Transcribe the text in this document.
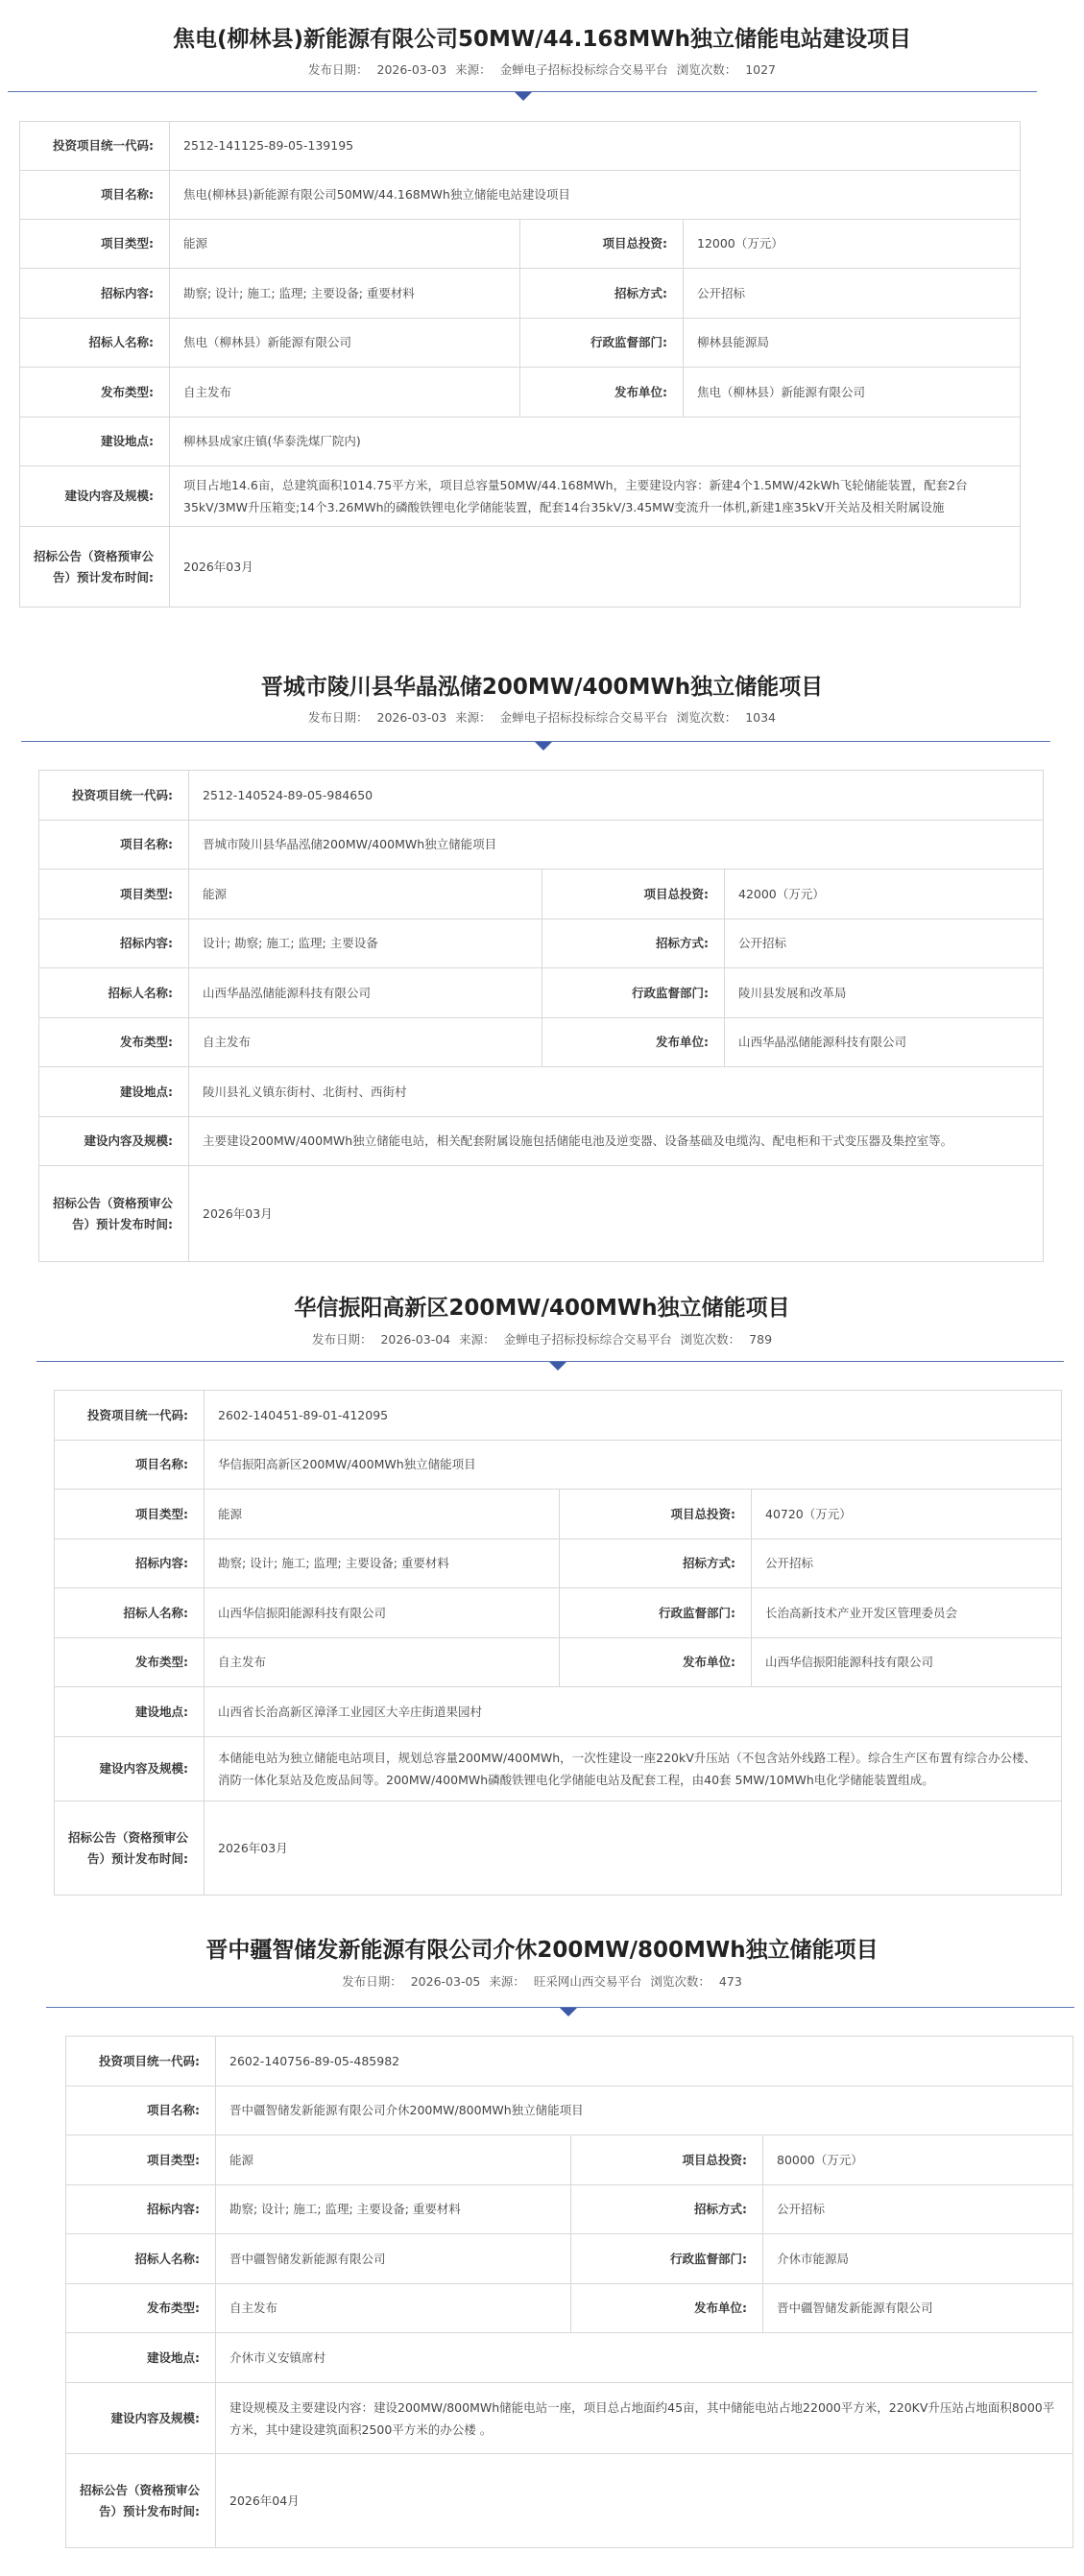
焦电(柳林县)新能源有限公司50MW/44.168MWh独立储能电站建设项目
发布日期： 2026-03-03 来源： 金蝉电子招标投标综合交易平台 浏览次数： 1027
投资项目统一代码:	2512-141125-89-05-139195		
项目名称:	焦电(柳林县)新能源有限公司50MW/44.168MWh独立储能电站建设项目		
项目类型:	能源	项目总投资:	12000（万元）
招标内容:	勘察; 设计; 施工; 监理; 主要设备; 重要材料	招标方式:	公开招标
招标人名称:	焦电（柳林县）新能源有限公司	行政监督部门:	柳林县能源局
发布类型:	自主发布	发布单位:	焦电（柳林县）新能源有限公司
建设地点:	柳林县成家庄镇(华泰洗煤厂院内)		
建设内容及规模:	项目占地14.6亩，总建筑面积1014.75平方米，项目总容量50MW/44.168MWh，主要建设内容：新建4个1.5MW/42kWh飞轮储能装置，配套2台35kV/3MW升压箱变;14个3.26MWh的磷酸铁锂电化学储能装置，配套14台35kV/3.45MW变流升一体机,新建1座35kV开关站及相关附属设施		
招标公告（资格预审公告）预计发布时间:	2026年03月		
晋城市陵川县华晶泓储200MW/400MWh独立储能项目
发布日期： 2026-03-03 来源： 金蝉电子招标投标综合交易平台 浏览次数： 1034
投资项目统一代码:	2512-140524-89-05-984650		
项目名称:	晋城市陵川县华晶泓储200MW/400MWh独立储能项目		
项目类型:	能源	项目总投资:	42000（万元）
招标内容:	设计; 勘察; 施工; 监理; 主要设备	招标方式:	公开招标
招标人名称:	山西华晶泓储能源科技有限公司	行政监督部门:	陵川县发展和改革局
发布类型:	自主发布	发布单位:	山西华晶泓储能源科技有限公司
建设地点:	陵川县礼义镇东街村、北街村、西街村		
建设内容及规模:	主要建设200MW/400MWh独立储能电站，相关配套附属设施包括储能电池及逆变器、设备基础及电缆沟、配电柜和干式变压器及集控室等。		
招标公告（资格预审公告）预计发布时间:	2026年03月		
华信振阳高新区200MW/400MWh独立储能项目
发布日期： 2026-03-04 来源： 金蝉电子招标投标综合交易平台 浏览次数： 789
投资项目统一代码:	2602-140451-89-01-412095		
项目名称:	华信振阳高新区200MW/400MWh独立储能项目		
项目类型:	能源	项目总投资:	40720（万元）
招标内容:	勘察; 设计; 施工; 监理; 主要设备; 重要材料	招标方式:	公开招标
招标人名称:	山西华信振阳能源科技有限公司	行政监督部门:	长治高新技术产业开发区管理委员会
发布类型:	自主发布	发布单位:	山西华信振阳能源科技有限公司
建设地点:	山西省长治高新区漳泽工业园区大辛庄街道果园村		
建设内容及规模:	本储能电站为独立储能电站项目，规划总容量200MW/400MWh，一次性建设一座220kV升压站（不包含站外线路工程）。综合生产区布置有综合办公楼、消防一体化泵站及危废品间等。200MW/400MWh磷酸铁锂电化学储能电站及配套工程，由40套 5MW/10MWh电化学储能装置组成。		
招标公告（资格预审公告）预计发布时间:	2026年03月		
晋中疆智储发新能源有限公司介休200MW/800MWh独立储能项目
发布日期： 2026-03-05 来源： 旺采网山西交易平台 浏览次数： 473
投资项目统一代码:	2602-140756-89-05-485982		
项目名称:	晋中疆智储发新能源有限公司介休200MW/800MWh独立储能项目		
项目类型:	能源	项目总投资:	80000（万元）
招标内容:	勘察; 设计; 施工; 监理; 主要设备; 重要材料	招标方式:	公开招标
招标人名称:	晋中疆智储发新能源有限公司	行政监督部门:	介休市能源局
发布类型:	自主发布	发布单位:	晋中疆智储发新能源有限公司
建设地点:	介休市义安镇席村		
建设内容及规模:	建设规模及主要建设内容：建设200MW/800MWh储能电站一座，项目总占地面约45亩，其中储能电站占地22000平方米，220KV升压站占地面积8000平方米，其中建设建筑面积2500平方米的办公楼 。		
招标公告（资格预审公告）预计发布时间:	2026年04月		
